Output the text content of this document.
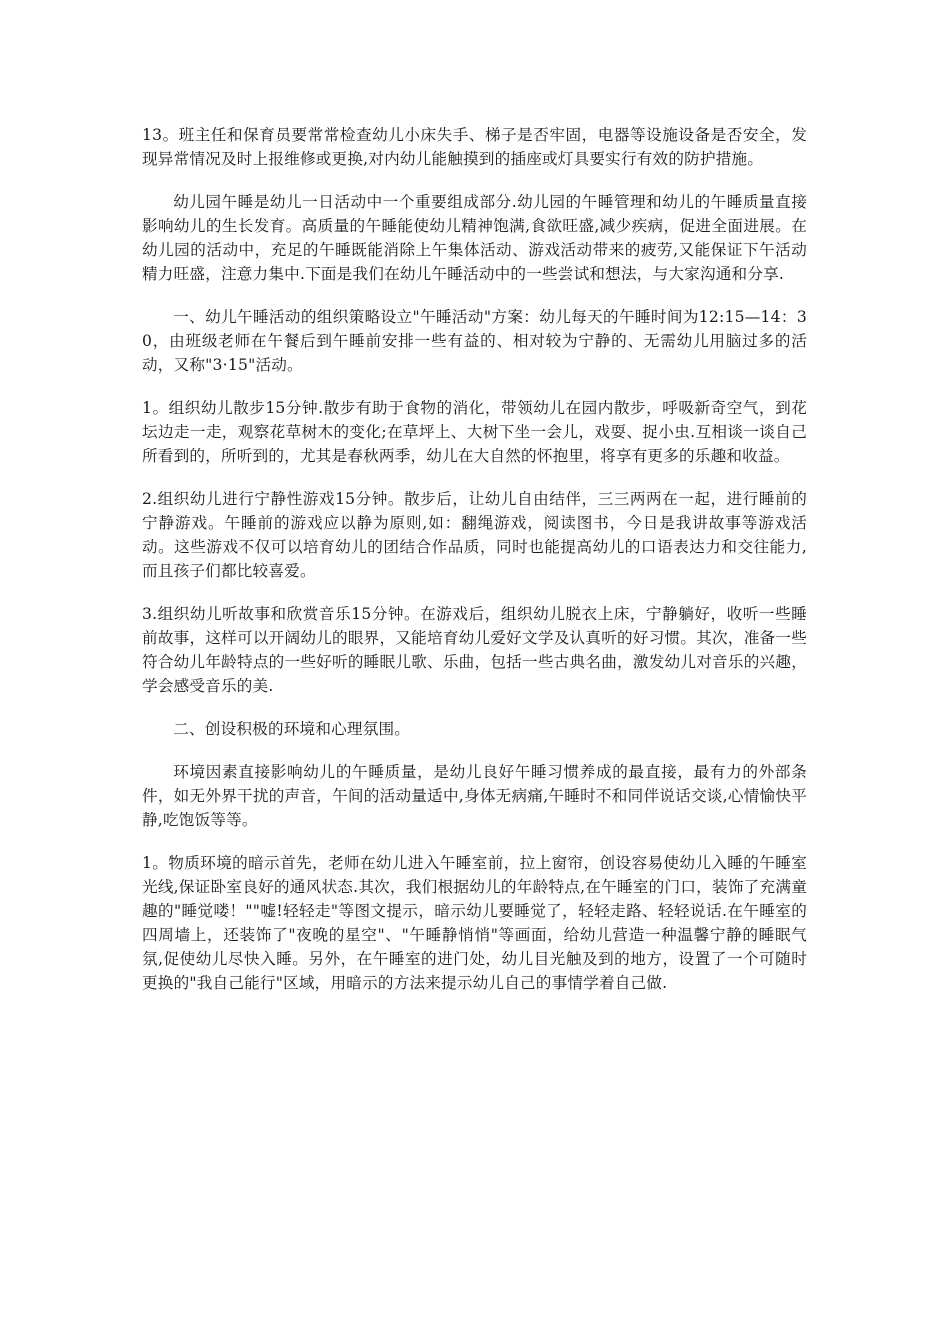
13。班主任和保育员要常常检查幼儿小床失手、梯子是否牢固，电器等设施设备是否安全，发现异常情况及时上报维修或更换,对内幼儿能触摸到的插座或灯具要实行有效的防护措施。

幼儿园午睡是幼儿一日活动中一个重要组成部分.幼儿园的午睡管理和幼儿的午睡质量直接影响幼儿的生长发育。高质量的午睡能使幼儿精神饱满,食欲旺盛,减少疾病，促进全面进展。在幼儿园的活动中，充足的午睡既能消除上午集体活动、游戏活动带来的疲劳,又能保证下午活动精力旺盛，注意力集中.下面是我们在幼儿午睡活动中的一些尝试和想法，与大家沟通和分享.

一、幼儿午睡活动的组织策略设立"午睡活动"方案：幼儿每天的午睡时间为12:15—14：30，由班级老师在午餐后到午睡前安排一些有益的、相对较为宁静的、无需幼儿用脑过多的活动，又称"3·15"活动。

1。组织幼儿散步15分钟.散步有助于食物的消化，带领幼儿在园内散步，呼吸新奇空气，到花坛边走一走，观察花草树木的变化;在草坪上、大树下坐一会儿，戏耍、捉小虫.互相谈一谈自己所看到的，所听到的，尤其是春秋两季，幼儿在大自然的怀抱里，将享有更多的乐趣和收益。

2.组织幼儿进行宁静性游戏15分钟。散步后，让幼儿自由结伴，三三两两在一起，进行睡前的宁静游戏。午睡前的游戏应以静为原则,如：翻绳游戏，阅读图书，今日是我讲故事等游戏活动。这些游戏不仅可以培育幼儿的团结合作品质，同时也能提高幼儿的口语表达力和交往能力,而且孩子们都比较喜爱。

3.组织幼儿听故事和欣赏音乐15分钟。在游戏后，组织幼儿脱衣上床，宁静躺好，收听一些睡前故事，这样可以开阔幼儿的眼界，又能培育幼儿爱好文学及认真听的好习惯。其次，准备一些符合幼儿年龄特点的一些好听的睡眠儿歌、乐曲，包括一些古典名曲，激发幼儿对音乐的兴趣，学会感受音乐的美.

二、创设积极的环境和心理氛围。

环境因素直接影响幼儿的午睡质量，是幼儿良好午睡习惯养成的最直接，最有力的外部条件，如无外界干扰的声音，午间的活动量适中,身体无病痛,午睡时不和同伴说话交谈,心情愉快平静,吃饱饭等等。

1。物质环境的暗示首先，老师在幼儿进入午睡室前，拉上窗帘，创设容易使幼儿入睡的午睡室光线,保证卧室良好的通风状态.其次，我们根据幼儿的年龄特点,在午睡室的门口，装饰了充满童趣的"睡觉喽！""嘘!轻轻走"等图文提示，暗示幼儿要睡觉了，轻轻走路、轻轻说话.在午睡室的四周墙上，还装饰了"夜晚的星空"、"午睡静悄悄"等画面，给幼儿营造一种温馨宁静的睡眠气氛,促使幼儿尽快入睡。另外，在午睡室的进门处，幼儿目光触及到的地方，设置了一个可随时更换的"我自己能行"区域，用暗示的方法来提示幼儿自己的事情学着自己做.
